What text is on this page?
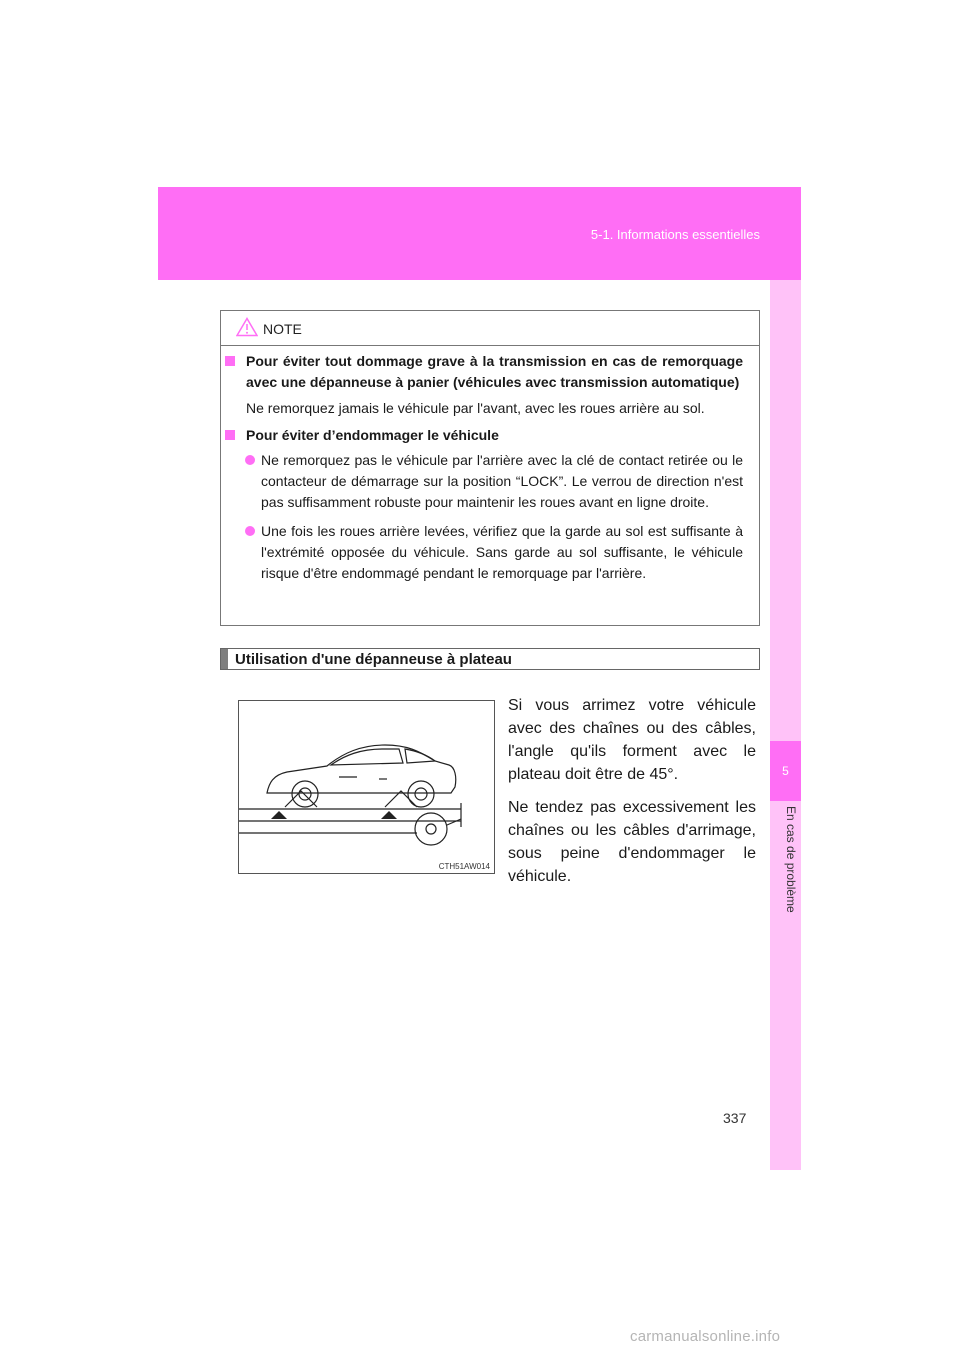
5-1. Informations essentielles
5
En cas de problème
NOTE
Pour éviter tout dommage grave à la transmission en cas de remorquage avec une dépanneuse à panier (véhicules avec transmission automatique)
Ne remorquez jamais le véhicule par l'avant, avec les roues arrière au sol.
Pour éviter d’endommager le véhicule
Ne remorquez pas le véhicule par l'arrière avec la clé de contact retirée ou le contacteur de démarrage sur la position “LOCK”. Le verrou de direction n'est pas suffisamment robuste pour maintenir les roues avant en ligne droite.
Une fois les roues arrière levées, vérifiez que la garde au sol est suffisante à l'extrémité opposée du véhicule. Sans garde au sol suffisante, le véhicule risque d'être endommagé pendant le remorquage par l'arrière.
Utilisation d'une dépanneuse à plateau
CTH51AW014

Si vous arrimez votre véhicule avec des chaînes ou des câbles, l'angle qu'ils forment avec le plateau doit être de 45°.

Ne tendez pas excessivement les chaînes ou les câbles d'arrimage, sous peine d'endommager le véhicule.

337
carmanualsonline.info
